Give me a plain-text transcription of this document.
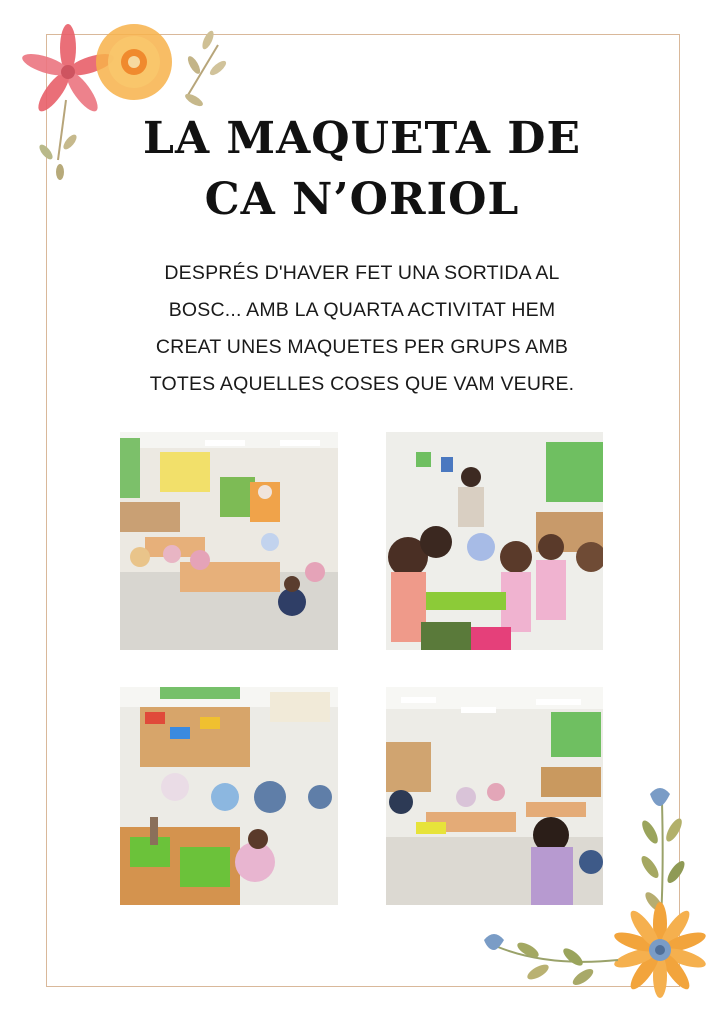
LA MAQUETA DE
CA N’ORIOL
DESPRÉS D'HAVER FET UNA SORTIDA AL
BOSC... AMB LA QUARTA ACTIVITAT HEM
CREAT UNES MAQUETES PER GRUPS AMB
TOTES AQUELLES COSES QUE VAM VEURE.
